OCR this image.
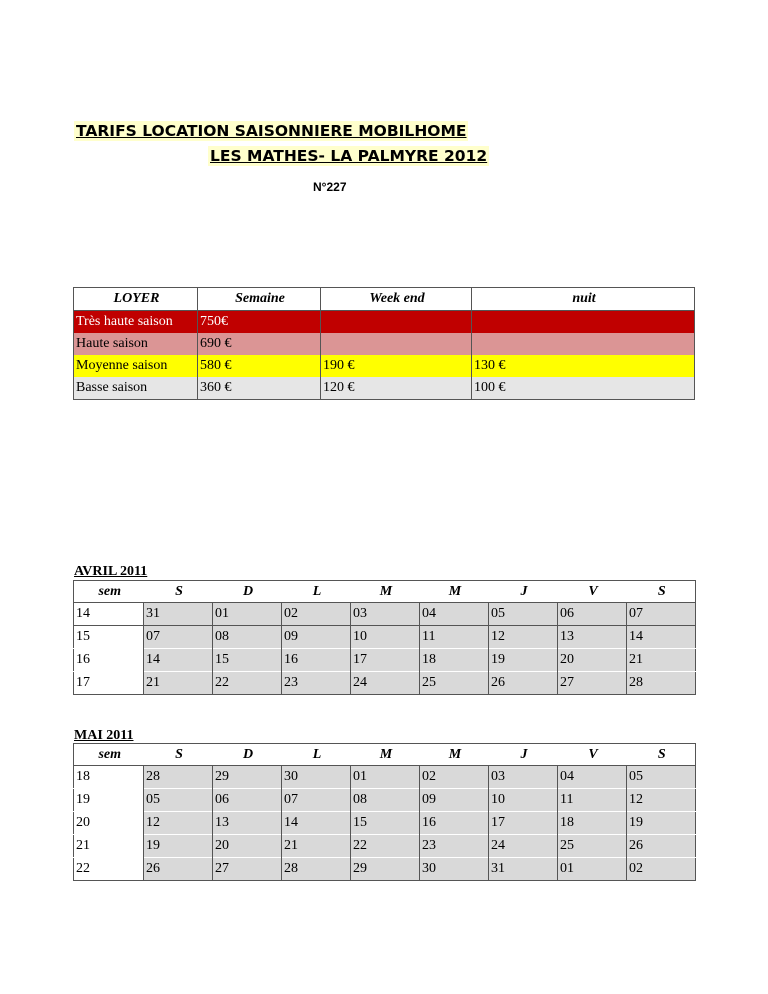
TARIFS LOCATION SAISONNIERE MOBILHOME
LES MATHES- LA PALMYRE 2012
N°227
LOYER	Semaine	Week end	nuit
Très haute saison	750€		
Haute saison	690 €		
Moyenne saison	580 €	190 €	130 €
Basse saison	360 €	120 €	100 €
AVRIL 2011
sem	S	D	L	M	M	J	V	S
14	31	01	02	03	04	05	06	07
15	07	08	09	10	11	12	13	14
16	14	15	16	17	18	19	20	21
17	21	22	23	24	25	26	27	28
MAI 2011
sem	S	D	L	M	M	J	V	S
18	28	29	30	01	02	03	04	05
19	05	06	07	08	09	10	11	12
20	12	13	14	15	16	17	18	19
21	19	20	21	22	23	24	25	26
22	26	27	28	29	30	31	01	02
